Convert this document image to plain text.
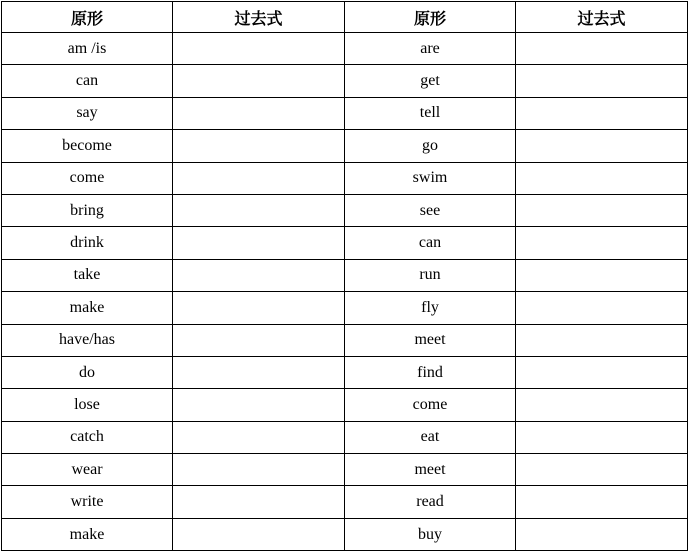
原形	过去式	原形	过去式
am /is		are	
can		get	
say		tell	
become		go	
come		swim	
bring		see	
drink		can	
take		run	
make		fly	
have/has		meet	
do		find	
lose		come	
catch		eat	
wear		meet	
write		read	
make		buy	
